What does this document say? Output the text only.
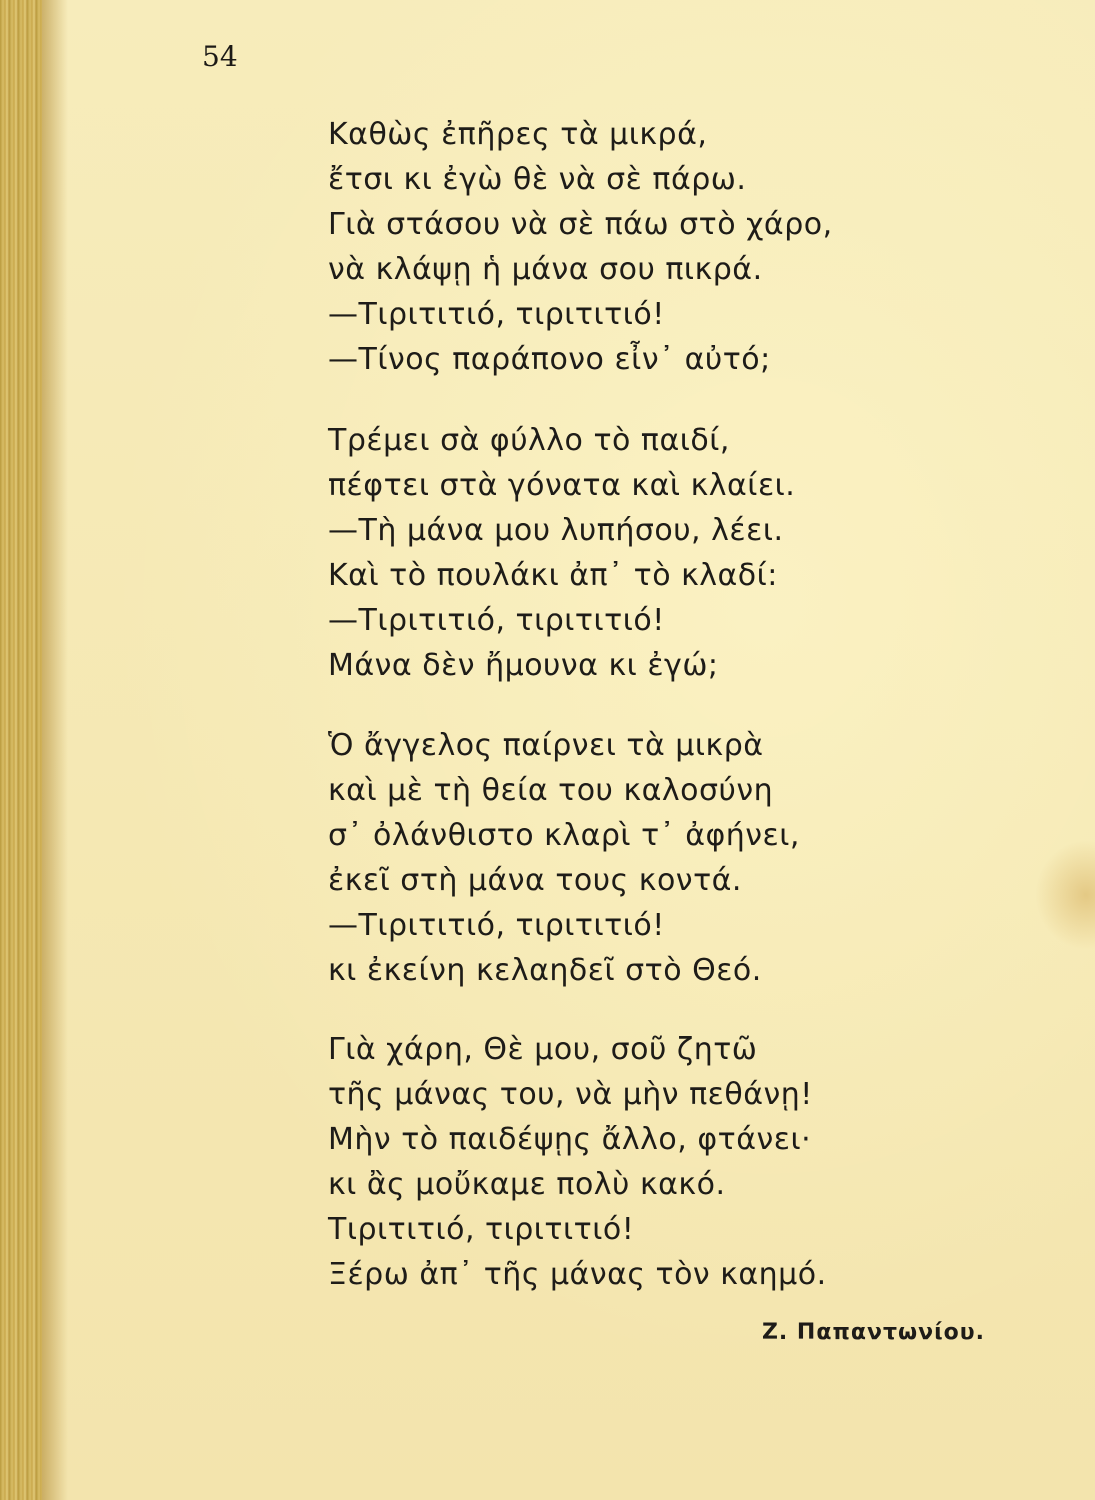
54
Καθὼς ἐπῆρες τὰ μικρά,
ἔτσι κι ἐγὼ θὲ νὰ σὲ πάρω.
Γιὰ στάσου νὰ σὲ πάω στὸ χάρο,
νὰ κλάψῃ ἡ μάνα σου πικρά.
—Τιριτιτιό, τιριτιτιό!
—Τίνος παράπονο εἶν᾽ αὐτό;
Τρέμει σὰ φύλλο τὸ παιδί,
πέφτει στὰ γόνατα καὶ κλαίει.
—Τὴ μάνα μου λυπήσου, λέει.
Καὶ τὸ πουλάκι ἀπ᾽ τὸ κλαδί:
—Τιριτιτιό, τιριτιτιό!
Μάνα δὲν ἤμουνα κι ἐγώ;
Ὁ ἄγγελος παίρνει τὰ μικρὰ
καὶ μὲ τὴ θεία του καλοσύνη
σ᾽ ὀλάνθιστο κλαρὶ τ᾽ ἀφήνει,
ἐκεῖ στὴ μάνα τους κοντά.
—Τιριτιτιό, τιριτιτιό!
κι ἐκείνη κελαηδεῖ στὸ Θεό.
Γιὰ χάρη, Θὲ μου, σοῦ ζητῶ
τῆς μάνας του, νὰ μὴν πεθάνῃ!
Μὴν τὸ παιδέψῃς ἄλλο, φτάνει·
κι ἂς μοὔκαμε πολὺ κακό.
Τιριτιτιό, τιριτιτιό!
Ξέρω ἀπ᾽ τῆς μάνας τὸν καημό.
Ζ. Παπαντωνίου.
